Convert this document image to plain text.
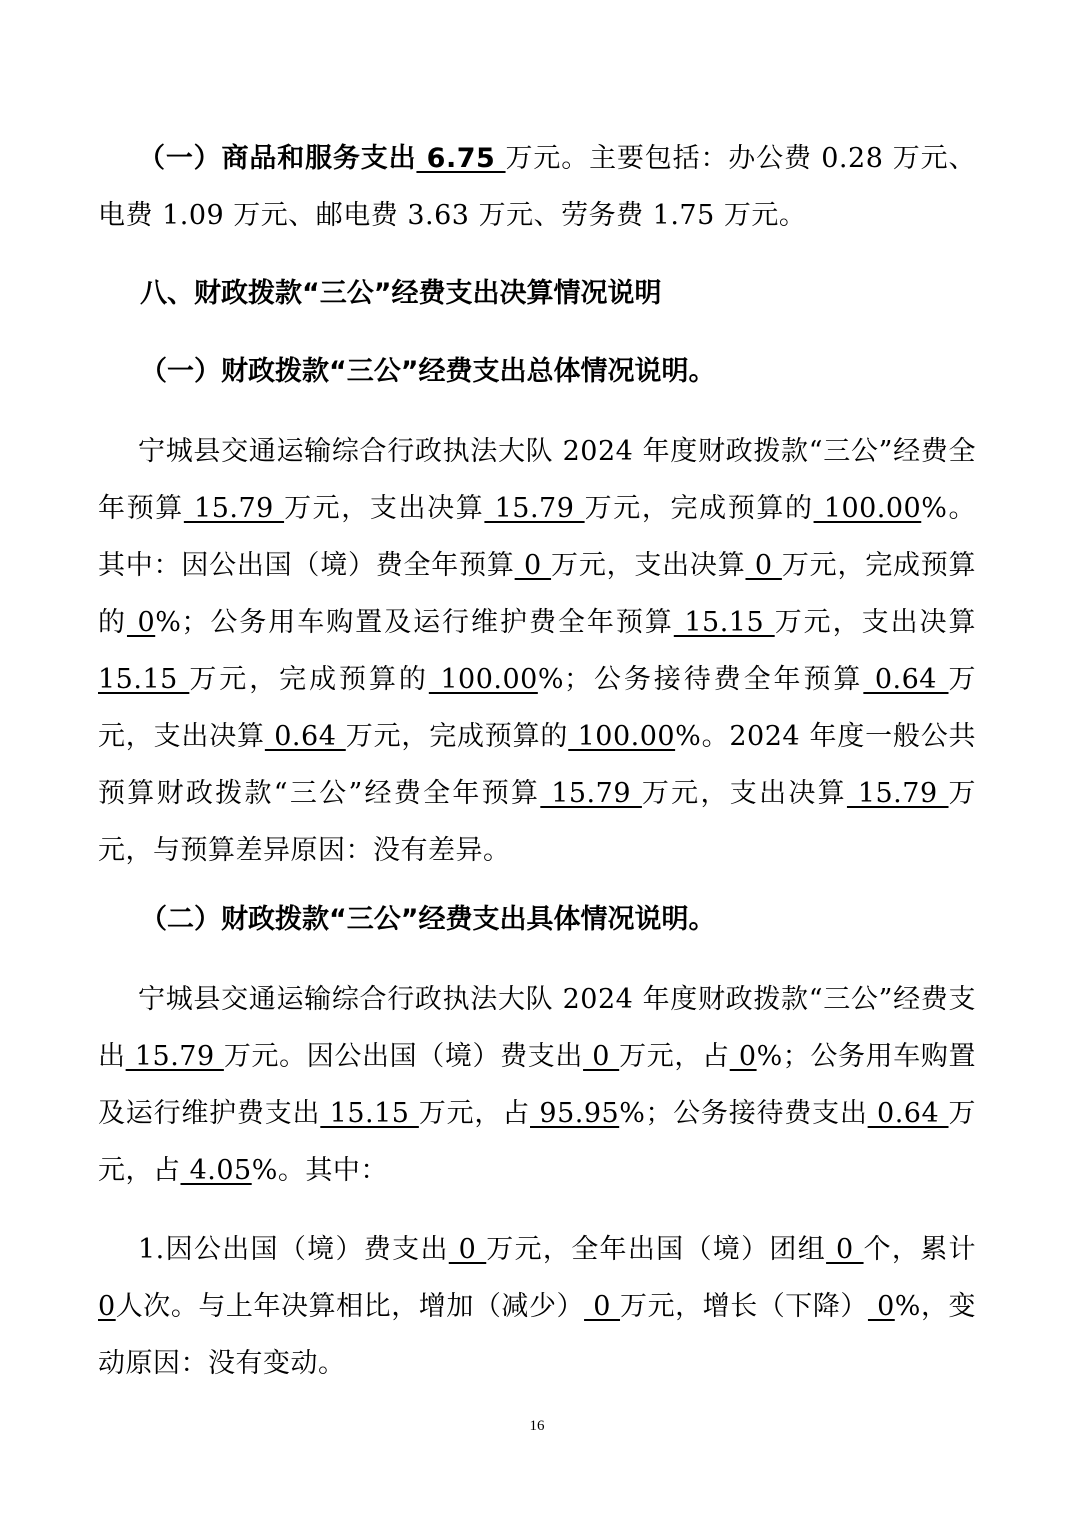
（一）商品和服务支出 6.75 万元。主要包括：办公费 0.28 万元、电费 1.09 万元、邮电费 3.63 万元、劳务费 1.75 万元。

八、财政拨款“三公”经费支出决算情况说明
（一）财政拨款“三公”经费支出总体情况说明。

宁城县交通运输综合行政执法大队 2024 年度财政拨款“三公”经费全年预算 15.79 万元，支出决算 15.79 万元，完成预算的 100.00%。其中：因公出国（境）费全年预算 0 万元，支出决算 0 万元，完成预算的 0%；公务用车购置及运行维护费全年预算 15.15 万元，支出决算15.15 万元，完成预算的 100.00%；公务接待费全年预算 0.64 万元，支出决算 0.64 万元，完成预算的 100.00%。2024 年度一般公共预算财政拨款“三公”经费全年预算 15.79 万元，支出决算 15.79 万元，与预算差异原因：没有差异。

（二）财政拨款“三公”经费支出具体情况说明。

宁城县交通运输综合行政执法大队 2024 年度财政拨款“三公”经费支出 15.79 万元。因公出国（境）费支出 0 万元，占 0%；公务用车购置及运行维护费支出 15.15 万元，占 95.95%；公务接待费支出 0.64 万元，占 4.05%。其中：

1.因公出国（境）费支出 0 万元，全年出国（境）团组 0 个，累计 0人次。与上年决算相比，增加（减少） 0 万元，增长（下降） 0%，变动原因：没有变动。

16
